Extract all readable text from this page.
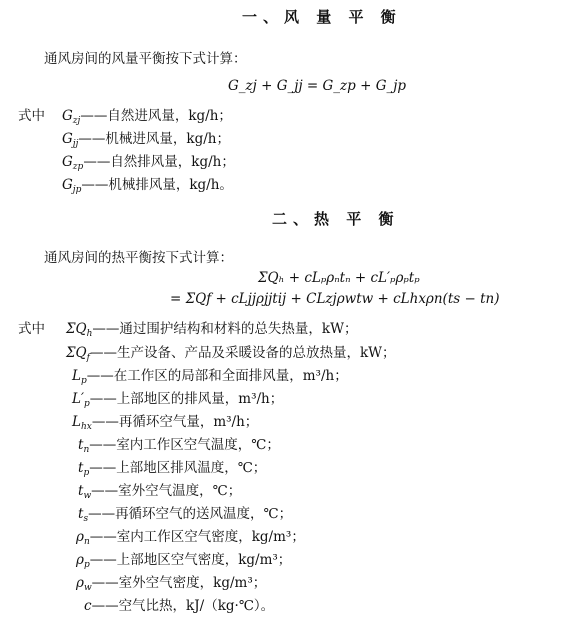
一、风 量 平 衡
通风房间的风量平衡按下式计算：
G_zj + G_jj = G_zp + G_jp
式中 $G_{zj}——$自然进风量，kg/h；
$G_{jj}——$机械进风量，kg/h；
$G_{zp}——$自然排风量，kg/h；
$G_{jp}——$机械排风量，kg/h。
二、热 平 衡
通风房间的热平衡按下式计算：
ΣQₕ + cLₚρₙtₙ + cL′ₚρₚtₚ
= ΣQf + cLjjρjjtij + CLzjρwtw + cLhxρn(ts − tn)
式中 $\Sigma Q_h——$通过围护结构和材料的总失热量，kW；
$\Sigma Q_f——$生产设备、产品及采暖设备的总放热量，kW；
$L_p——$在工作区的局部和全面排风量，m³/h；
$L'_p——$上部地区的排风量，m³/h；
$L_{hx}——$再循环空气量，m³/h；
$t_n——$室内工作区空气温度，℃；
$t_p——$上部地区排风温度，℃；
$t_w——$室外空气温度，℃；
$t_s——$再循环空气的送风温度，℃；
$\rho_n——$室内工作区空气密度，kg/m³；
$\rho_p——$上部地区空气密度，kg/m³；
$\rho_w——$室外空气密度，kg/m³；
c——空气比热，kJ/（kg·℃）。
